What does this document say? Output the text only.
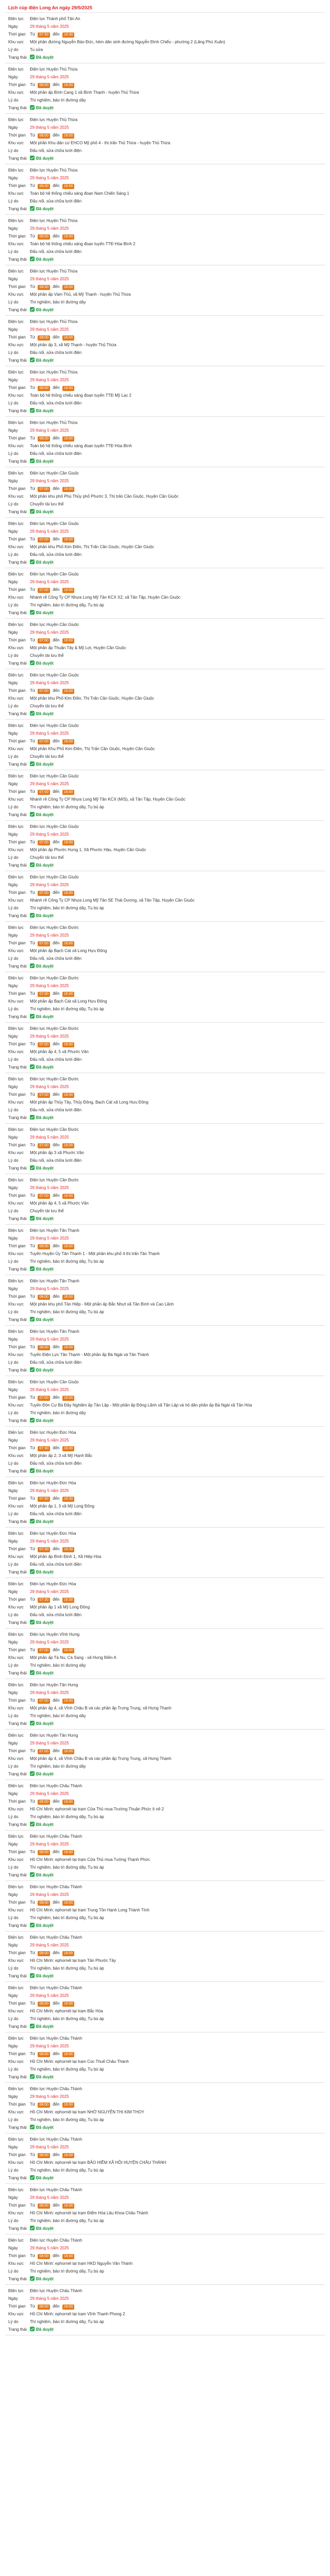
Lịch cúp điện Long An ngày 29/5/2025
Điện lực	Điện lực Thành phố Tân An
Ngày	29 tháng 5 năm 2025
Thời gian	Từ 07:30 đến 16:30
Khu vực	Một phần đường Nguyễn Bảo Đức, hẻm dân sinh đường Nguyễn Đình Chiểu - phường 2 (Lăng Phú Xuân)
Lý do	Tu sửa
Trạng thái	Đã duyệt
Điện lực	Điện lực Huyện Thủ Thừa
Ngày	29 tháng 5 năm 2025
Thời gian	Từ 08:00 đến 16:00
Khu vực	Một phần ấp Bình Cang 1 xã Bình Thạnh - huyện Thủ Thừa
Lý do	Thí nghiệm, bảo trì đường dây
Trạng thái	Đã duyệt
Điện lực	Điện lực Huyện Thủ Thừa
Ngày	29 tháng 5 năm 2025
Thời gian	Từ 08:00 đến 16:00
Khu vực	Một phần Khu dân cư EHCO Mỹ phố 4 - thị trấn Thủ Thừa - huyện Thủ Thừa
Lý do	Đấu nối, sửa chữa lưới điện
Trạng thái	Đã duyệt
Điện lực	Điện lực Huyện Thủ Thừa
Ngày	29 tháng 5 năm 2025
Thời gian	Từ 08:00 đến 16:00
Khu vực	Toàn bộ hệ thống chiếu sáng đoạn Nam Chiến Sáng 1
Lý do	Đấu nối, sửa chữa lưới điện
Trạng thái	Đã duyệt
Điện lực	Điện lực Huyện Thủ Thừa
Ngày	29 tháng 5 năm 2025
Thời gian	Từ 08:00 đến 16:00
Khu vực	Toàn bộ hệ thống chiếu sáng đoạn tuyến TTĐ Hòa Bình 2
Lý do	Đấu nối, sửa chữa lưới điện
Trạng thái	Đã duyệt
Điện lực	Điện lực Huyện Thủ Thừa
Ngày	29 tháng 5 năm 2025
Thời gian	Từ 08:00 đến 16:00
Khu vực	Một phần ấp Vàm Thủ, xã Mỹ Thạnh - huyện Thủ Thừa
Lý do	Thí nghiệm, bảo trì đường dây
Trạng thái	Đã duyệt
Điện lực	Điện lực Huyện Thủ Thừa
Ngày	29 tháng 5 năm 2025
Thời gian	Từ 08:00 đến 16:00
Khu vực	Một phần ấp 3, xã Mỹ Thạnh - huyện Thủ Thừa
Lý do	Đấu nối, sửa chữa lưới điện
Trạng thái	Đã duyệt
Điện lực	Điện lực Huyện Thủ Thừa
Ngày	29 tháng 5 năm 2025
Thời gian	Từ 08:00 đến 16:00
Khu vực	Toàn bộ hệ thống chiếu sáng đoạn tuyến TTĐ Mỹ Lạc 2
Lý do	Đấu nối, sửa chữa lưới điện
Trạng thái	Đã duyệt
Điện lực	Điện lực Huyện Thủ Thừa
Ngày	29 tháng 5 năm 2025
Thời gian	Từ 08:00 đến 16:00
Khu vực	Toàn bộ hệ thống chiếu sáng đoạn tuyến TTĐ Hòa Bình
Lý do	Đấu nối, sửa chữa lưới điện
Trạng thái	Đã duyệt
Điện lực	Điện lực Huyện Cần Giuộc
Ngày	29 tháng 5 năm 2025
Thời gian	Từ 07:00 đến 16:00
Khu vực	Một phần khu phố Phú Thủy phố Phước 3, Thị trấn Cần Giuộc, Huyện Cần Giuộc
Lý do	Chuyển tải lưu thể
Trạng thái	Đã duyệt
Điện lực	Điện lực Huyện Cần Giuộc
Ngày	29 tháng 5 năm 2025
Thời gian	Từ 07:00 đến 16:00
Khu vực	Một phần khu Phố Kim Điền, Thị Trấn Cần Giuộc, Huyện Cần Giuộc
Lý do	Đấu nối, sửa chữa lưới điện
Trạng thái	Đã duyệt
Điện lực	Điện lực Huyện Cần Giuộc
Ngày	29 tháng 5 năm 2025
Thời gian	Từ 07:00 đến 16:00
Khu vực	Nhánh rẽ Công Ty CP Nhựa Long Mỹ Tân KCX X2, xã Tân Tập, Huyện Cần Giuộc
Lý do	Thí nghiệm, bảo trì đường dây, Tụ bù áp
Trạng thái	Đã duyệt
Điện lực	Điện lực Huyện Cần Giuộc
Ngày	29 tháng 5 năm 2025
Thời gian	Từ 07:00 đến 16:00
Khu vực	Một phần ấp Thuận Tây & Mỹ Lợi, Huyện Cần Giuộc
Lý do	Chuyển tải lưu thể
Trạng thái	Đã duyệt
Điện lực	Điện lực Huyện Cần Giuộc
Ngày	29 tháng 5 năm 2025
Thời gian	Từ 07:00 đến 16:00
Khu vực	Một phần khu Phố Kim Điền, Thị Trấn Cần Giuộc, Huyện Cần Giuộc
Lý do	Chuyển tải lưu thể
Trạng thái	Đã duyệt
Điện lực	Điện lực Huyện Cần Giuộc
Ngày	29 tháng 5 năm 2025
Thời gian	Từ 07:00 đến 16:00
Khu vực	Một phần Khu Phố Kim Điền, Thị Trấn Cần Giuộc, Huyện Cần Giuộc
Lý do	Chuyển tải lưu thể
Trạng thái	Đã duyệt
Điện lực	Điện lực Huyện Cần Giuộc
Ngày	29 tháng 5 năm 2025
Thời gian	Từ 07:00 đến 16:00
Khu vực	Nhánh rẽ Công Ty CP Nhựa Long Mỹ Tân KCX (MIS), xã Tân Tập, Huyện Cần Giuộc
Lý do	Thí nghiệm, bảo trì đường dây, Tụ bù áp
Trạng thái	Đã duyệt
Điện lực	Điện lực Huyện Cần Giuộc
Ngày	29 tháng 5 năm 2025
Thời gian	Từ 07:00 đến 16:00
Khu vực	Một phần ấp Phước Hưng 1, Xã Phước Hậu, Huyện Cần Giuộc
Lý do	Chuyển tải lưu thể
Trạng thái	Đã duyệt
Điện lực	Điện lực Huyện Cần Giuộc
Ngày	29 tháng 5 năm 2025
Thời gian	Từ 07:00 đến 16:00
Khu vực	Nhánh rẽ Công Ty CP Nhựa Long Mỹ Tân SE Thái Dương, xã Tân Tập, Huyện Cần Giuộc
Lý do	Thí nghiệm, bảo trì đường dây, Tụ bù áp
Trạng thái	Đã duyệt
Điện lực	Điện lực Huyện Cần Đước
Ngày	29 tháng 5 năm 2025
Thời gian	Từ 07:00 đến 16:00
Khu vực	Một phần ấp Bạch Cát xã Long Hựu Đông
Lý do	Đấu nối, sửa chữa lưới điện
Trạng thái	Đã duyệt
Điện lực	Điện lực Huyện Cần Đước
Ngày	29 tháng 5 năm 2025
Thời gian	Từ 07:00 đến 16:00
Khu vực	Một phần ấp Bạch Cát xã Long Hựu Đông
Lý do	Thí nghiệm, bảo trì đường dây, Tụ bù áp
Trạng thái	Đã duyệt
Điện lực	Điện lực Huyện Cần Đước
Ngày	29 tháng 5 năm 2025
Thời gian	Từ 07:00 đến 16:00
Khu vực	Một phần ấp 4, 5 xã Phước Vân
Lý do	Đấu nối, sửa chữa lưới điện
Trạng thái	Đã duyệt
Điện lực	Điện lực Huyện Cần Đước
Ngày	29 tháng 5 năm 2025
Thời gian	Từ 07:00 đến 16:00
Khu vực	Một phần ấp Thủy Tây, Thủy Đông, Bạch Cát xã Long Hựu Đông
Lý do	Đấu nối, sửa chữa lưới điện
Trạng thái	Đã duyệt
Điện lực	Điện lực Huyện Cần Đước
Ngày	29 tháng 5 năm 2025
Thời gian	Từ 07:00 đến 16:00
Khu vực	Một phần ấp 3 xã Phước Vân
Lý do	Đấu nối, sửa chữa lưới điện
Trạng thái	Đã duyệt
Điện lực	Điện lực Huyện Cần Đước
Ngày	29 tháng 5 năm 2025
Thời gian	Từ 07:00 đến 16:00
Khu vực	Một phần ấp 4, 5 xã Phước Vân
Lý do	Chuyển tải lưu thể
Trạng thái	Đã duyệt
Điện lực	Điện lực Huyện Tân Thạnh
Ngày	29 tháng 5 năm 2025
Thời gian	Từ 08:00 đến 16:00
Khu vực	Tuyến Huyện Ủy Tân Thạnh 1 - Một phần khu phố 4 thị trấn Tân Thạnh
Lý do	Thí nghiệm, bảo trì đường dây, Tụ bù áp
Trạng thái	Đã duyệt
Điện lực	Điện lực Huyện Tân Thạnh
Ngày	29 tháng 5 năm 2025
Thời gian	Từ 08:00 đến 16:00
Khu vực	Một phần khu phố Tân Hiệp - Một phần ấp Bắc Nhựt xã Tân Bình và Cao Lãnh
Lý do	Thí nghiệm, bảo trì đường dây, Tụ bù áp
Trạng thái	Đã duyệt
Điện lực	Điện lực Huyện Tân Thạnh
Ngày	29 tháng 5 năm 2025
Thời gian	Từ 08:00 đến 16:00
Khu vực	Tuyến Điện Lực Tân Thạnh - Một phần ấp Bà Ngài và Tân Thành
Lý do	Đấu nối, sửa chữa lưới điện
Trạng thái	Đã duyệt
Điện lực	Điện lực Huyện Cần Giuộc
Ngày	29 tháng 5 năm 2025
Thời gian	Từ 07:00 đến 16:00
Khu vực	Tuyến Đồn Cự Bà Đầy Nghiệm ấp Tân Lập - Một phần ấp Đông Lãnh xã Tân Lập và hộ dân phần ấp Bà Ngài xã Tân Hòa
Lý do	Thí nghiệm, bảo trì đường dây
Trạng thái	Đã duyệt
Điện lực	Điện lực Huyện Đức Hòa
Ngày	29 tháng 5 năm 2025
Thời gian	Từ 07:30 đến 16:30
Khu vực	Một phần ấp 2, 3 xã Mỹ Hạnh Bắc
Lý do	Đấu nối, sửa chữa lưới điện
Trạng thái	Đã duyệt
Điện lực	Điện lực Huyện Đức Hòa
Ngày	29 tháng 5 năm 2025
Thời gian	Từ 07:30 đến 16:30
Khu vực	Một phần ấp 1, 3 xã Mỹ Long Đông
Lý do	Đấu nối, sửa chữa lưới điện
Trạng thái	Đã duyệt
Điện lực	Điện lực Huyện Đức Hòa
Ngày	29 tháng 5 năm 2025
Thời gian	Từ 07:30 đến 16:30
Khu vực	Một phần ấp Bình Định 1, Xã Hiệp Hòa
Lý do	Đấu nối, sửa chữa lưới điện
Trạng thái	Đã duyệt
Điện lực	Điện lực Huyện Đức Hòa
Ngày	29 tháng 5 năm 2025
Thời gian	Từ 07:30 đến 16:30
Khu vực	Một phần ấp 1 xã Mỹ Long Đông
Lý do	Đấu nối, sửa chữa lưới điện
Trạng thái	Đã duyệt
Điện lực	Điện lực Huyện Vĩnh Hưng
Ngày	29 tháng 5 năm 2025
Thời gian	Từ 07:00 đến 16:00
Khu vực	Một phần ấp Tà Nu, Cà Sang - xã Hưng Điền A
Lý do	Thí nghiệm, bảo trì đường dây
Trạng thái	Đã duyệt
Điện lực	Điện lực Huyện Tân Hưng
Ngày	29 tháng 5 năm 2025
Thời gian	Từ 07:00 đến 16:00
Khu vực	Một phần ấp 4, xã Vĩnh Châu B và các phần ấp Trưng Trung, xã Hưng Thạnh
Lý do	Thí nghiệm, bảo trì đường dây
Trạng thái	Đã duyệt
Điện lực	Điện lực Huyện Tân Hưng
Ngày	29 tháng 5 năm 2025
Thời gian	Từ 07:00 đến 16:00
Khu vực	Một phần ấp 4, xã Vĩnh Châu B và các phần ấp Trưng Trung, xã Hưng Thạnh
Lý do	Thí nghiệm, bảo trì đường dây
Trạng thái	Đã duyệt
Điện lực	Điện lực Huyện Châu Thành
Ngày	29 tháng 5 năm 2025
Thời gian	Từ 08:00 đến 16:00
Khu vực	Hồ Chí Minh: ephornél tại trạm Cửa Thủ mua Trường Thuận Phức ít nê 2
Lý do	Thí nghiệm, bảo trì đường dây, Tụ bù áp
Trạng thái	Đã duyệt
Điện lực	Điện lực Huyện Châu Thành
Ngày	29 tháng 5 năm 2025
Thời gian	Từ 08:00 đến 16:00
Khu vực	Hồ Chí Minh: ephornél tại trạm Cửa Thủ mua Tường Thạnh Phức
Lý do	Thí nghiệm, bảo trì đường dây, Tụ bù áp
Trạng thái	Đã duyệt
Điện lực	Điện lực Huyện Châu Thành
Ngày	29 tháng 5 năm 2025
Thời gian	Từ 08:00 đến 16:00
Khu vực	Hồ Chí Minh: ephornél tại trạm Trung Tôn Hạnh Long Thành Tính
Lý do	Thí nghiệm, bảo trì đường dây, Tụ bù áp
Trạng thái	Đã duyệt
Điện lực	Điện lực Huyện Châu Thành
Ngày	29 tháng 5 năm 2025
Thời gian	Từ 08:00 đến 16:00
Khu vực	Hồ Chí Minh: ephornél tại trạm Tân Phước Tây
Lý do	Thí nghiệm, bảo trì đường dây, Tụ bù áp
Trạng thái	Đã duyệt
Điện lực	Điện lực Huyện Châu Thành
Ngày	29 tháng 5 năm 2025
Thời gian	Từ 08:00 đến 16:00
Khu vực	Hồ Chí Minh: ephornél tại trạm Bắc Hòa
Lý do	Thí nghiệm, bảo trì đường dây, Tụ bù áp
Trạng thái	Đã duyệt
Điện lực	Điện lực Huyện Châu Thành
Ngày	29 tháng 5 năm 2025
Thời gian	Từ 08:00 đến 16:00
Khu vực	Hồ Chí Minh: ephornél tại trạm Cúc Thuế Châu Thành
Lý do	Thí nghiệm, bảo trì đường dây, Tụ bù áp
Trạng thái	Đã duyệt
Điện lực	Điện lực Huyện Châu Thành
Ngày	29 tháng 5 năm 2025
Thời gian	Từ 08:00 đến 16:00
Khu vực	Hồ Chí Minh: ephornél tại trạm NHỜ NGUYỄN THỊ KIM THOY
Lý do	Thí nghiệm, bảo trì đường dây, Tụ bù áp
Trạng thái	Đã duyệt
Điện lực	Điện lực Huyện Châu Thành
Ngày	29 tháng 5 năm 2025
Thời gian	Từ 08:00 đến 16:00
Khu vực	Hồ Chí Minh: ephornél tại trạm BẢO HIỂM XÃ HỘI HUYỆN CHÂU THÀNH
Lý do	Thí nghiệm, bảo trì đường dây, Tụ bù áp
Trạng thái	Đã duyệt
Điện lực	Điện lực Huyện Châu Thành
Ngày	29 tháng 5 năm 2025
Thời gian	Từ 08:00 đến 16:00
Khu vực	Hồ Chí Minh: ephornél tại trạm Điểm Hòa Lâu Khoa Châu Thành
Lý do	Thí nghiệm, bảo trì đường dây, Tụ bù áp
Trạng thái	Đã duyệt
Điện lực	Điện lực Huyện Châu Thành
Ngày	29 tháng 5 năm 2025
Thời gian	Từ 08:00 đến 16:00
Khu vực	Hồ Chí Minh: ephornél tại trạm HKD Nguyễn Văn Thành
Lý do	Thí nghiệm, bảo trì đường dây, Tụ bù áp
Trạng thái	Đã duyệt
Điện lực	Điện lực Huyện Châu Thành
Ngày	29 tháng 5 năm 2025
Thời gian	Từ 08:00 đến 16:00
Khu vực	Hồ Chí Minh: ephornél tại trạm Vĩnh Thạnh Phong 2
Lý do	Thí nghiệm, bảo trì đường dây, Tụ bù áp
Trạng thái	Đã duyệt
